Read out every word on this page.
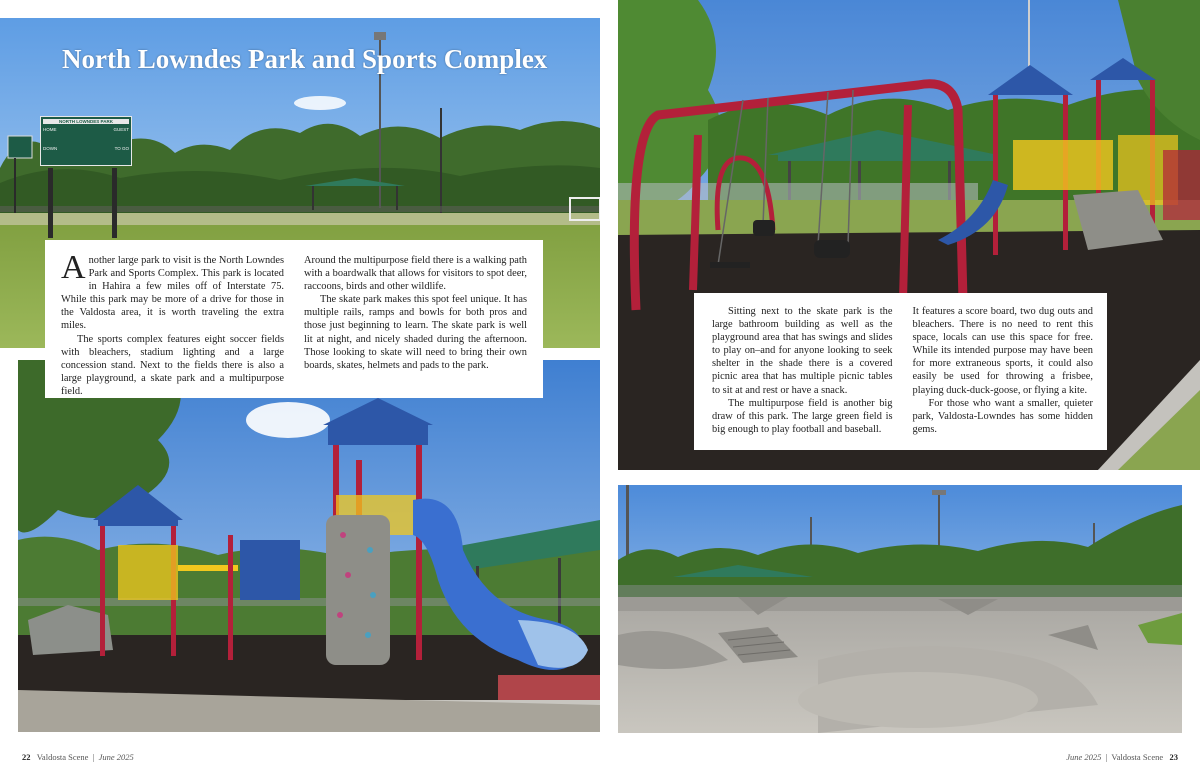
NORTH LOWNDES PARK
HOME	GUEST
DOWN	TO GO
North Lowndes Park and Sports Complex

Another large park to visit is the North Lowndes Park and Sports Complex. This park is located in Hahira a few miles off of Interstate 75. While this park may be more of a drive for those in the Valdosta area, it is worth traveling the extra miles.

The sports complex features eight soccer fields with bleachers, stadium lighting and a large concession stand. Next to the fields there is also a large playground, a skate park and a multipurpose field.

Around the multipurpose field there is a walking path with a boardwalk that allows for visitors to spot deer, raccoons, birds and other wildlife.

The skate park makes this spot feel unique. It has multiple rails, ramps and bowls for both pros and those just beginning to learn. The skate park is well lit at night, and nicely shaded during the afternoon. Those looking to skate will need to bring their own boards, skates, helmets and pads to the park.

Sitting next to the skate park is the large bathroom building as well as the playground area that has swings and slides to play on–and for anyone looking to seek shelter in the shade there is a covered picnic area that has multiple picnic tables to sit at and rest or have a snack.

The multipurpose field is another big draw of this park. The large green field is big enough to play football and baseball.

It features a score board, two dug outs and bleachers. There is no need to rent this space, locals can use this space for free. While its intended purpose may have been for more extraneous sports, it could also easily be used for throwing a frisbee, playing duck-duck-goose, or flying a kite.

For those who want a smaller, quieter park, Valdosta-Lowndes has some hidden gems.

22 Valdosta Scene | June 2025	June 2025 | Valdosta Scene 23
